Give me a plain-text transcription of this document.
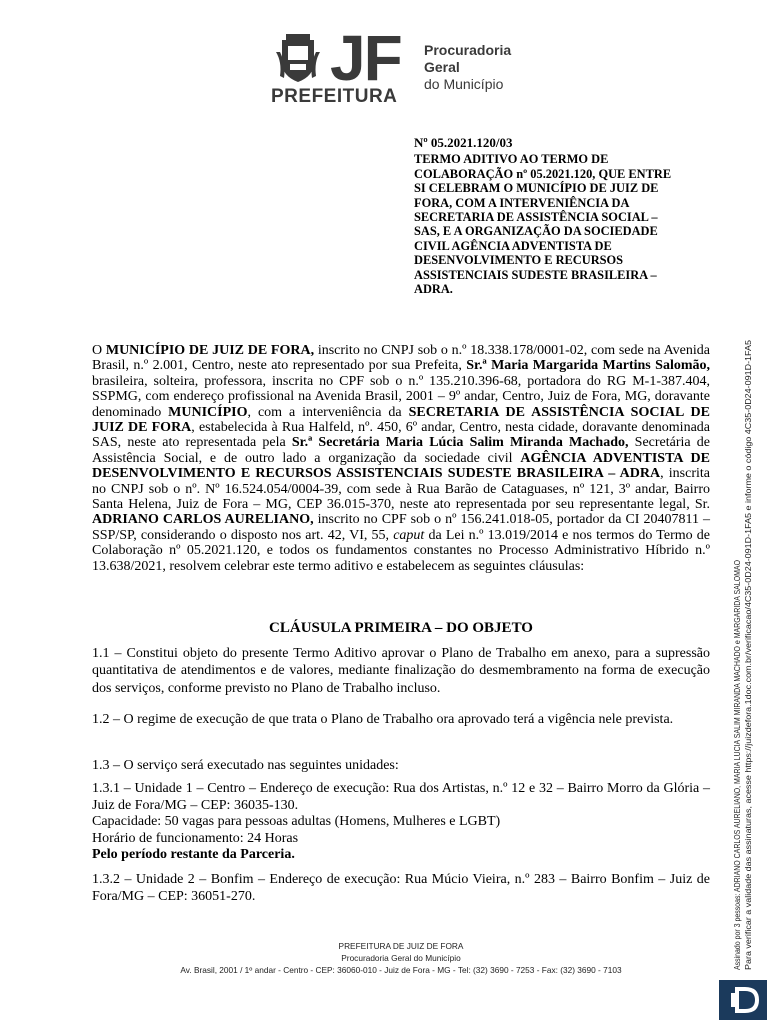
PREFEITURA
JF Procuradoria
Geral
do Município
Nº 05.2021.120/03
TERMO ADITIVO AO TERMO DE
COLABORAÇÃO nº 05.2021.120, QUE ENTRE
SI CELEBRAM O MUNICÍPIO DE JUIZ DE
FORA, COM A INTERVENIÊNCIA DA
SECRETARIA DE ASSISTÊNCIA SOCIAL –
SAS, E A ORGANIZAÇÃO DA SOCIEDADE
CIVIL AGÊNCIA ADVENTISTA DE
DESENVOLVIMENTO E RECURSOS
ASSISTENCIAIS SUDESTE BRASILEIRA –
ADRA.
O MUNICÍPIO DE JUIZ DE FORA, inscrito no CNPJ sob o n.º 18.338.178/0001-02, com sede na Avenida Brasil, n.º 2.001, Centro, neste ato representado por sua Prefeita, Sr.ª Maria Margarida Martins Salomão, brasileira, solteira, professora, inscrita no CPF sob o n.º 135.210.396-68, portadora do RG M-1-387.404, SSPMG, com endereço profissional na Avenida Brasil, 2001 – 9º andar, Centro, Juiz de Fora, MG, doravante denominado MUNICÍPIO, com a interveniência da SECRETARIA DE ASSISTÊNCIA SOCIAL DE JUIZ DE FORA, estabelecida à Rua Halfeld, nº. 450, 6º andar, Centro, nesta cidade, doravante denominada SAS, neste ato representada pela Sr.ª Secretária Maria Lúcia Salim Miranda Machado, Secretária de Assistência Social, e de outro lado a organização da sociedade civil AGÊNCIA ADVENTISTA DE DESENVOLVIMENTO E RECURSOS ASSISTENCIAIS SUDESTE BRASILEIRA – ADRA, inscrita no CNPJ sob o nº. Nº 16.524.054/0004-39, com sede à Rua Barão de Cataguases, nº 121, 3º andar, Bairro Santa Helena, Juiz de Fora – MG, CEP 36.015-370, neste ato representada por seu representante legal, Sr. ADRIANO CARLOS AURELIANO, inscrito no CPF sob o nº 156.241.018-05, portador da CI 20407811 – SSP/SP, considerando o disposto nos art. 42, VI, 55, caput da Lei n.º 13.019/2014 e nos termos do Termo de Colaboração nº 05.2021.120, e todos os fundamentos constantes no Processo Administrativo Híbrido n.º 13.638/2021, resolvem celebrar este termo aditivo e estabelecem as seguintes cláusulas:
CLÁUSULA PRIMEIRA – DO OBJETO
1.1 – Constitui objeto do presente Termo Aditivo aprovar o Plano de Trabalho em anexo, para a supressão quantitativa de atendimentos e de valores, mediante finalização do desmembramento na forma de execução dos serviços, conforme previsto no Plano de Trabalho incluso.
1.2 – O regime de execução de que trata o Plano de Trabalho ora aprovado terá a vigência nele prevista.
1.3 – O serviço será executado nas seguintes unidades:
1.3.1 – Unidade 1 – Centro – Endereço de execução: Rua dos Artistas, n.º 12 e 32 – Bairro Morro da Glória – Juiz de Fora/MG – CEP: 36035-130.
Capacidade: 50 vagas para pessoas adultas (Homens, Mulheres e LGBT)
Horário de funcionamento: 24 Horas
Pelo período restante da Parceria.
1.3.2 – Unidade 2 – Bonfim – Endereço de execução: Rua Múcio Vieira, n.º 283 – Bairro Bonfim – Juiz de Fora/MG – CEP: 36051-270.
PREFEITURA DE JUIZ DE FORA
Procuradoria Geral do Município
Av. Brasil, 2001 / 1º andar - Centro - CEP: 36060-010 - Juiz de Fora - MG - Tel: (32) 3690 - 7253 - Fax: (32) 3690 - 7103	Assinado por 3 pessoas: ADRIANO CARLOS AURELIANO, MARIA LUCIA SALIM MIRANDA MACHADO e MARGARIDA SALOMAO Para verificar a validade das assinaturas, acesse https://juizdefora.1doc.com.br/verificacao/4C35-0D24-091D-1FA5 e informe o código 4C35-0D24-091D-1FA5
